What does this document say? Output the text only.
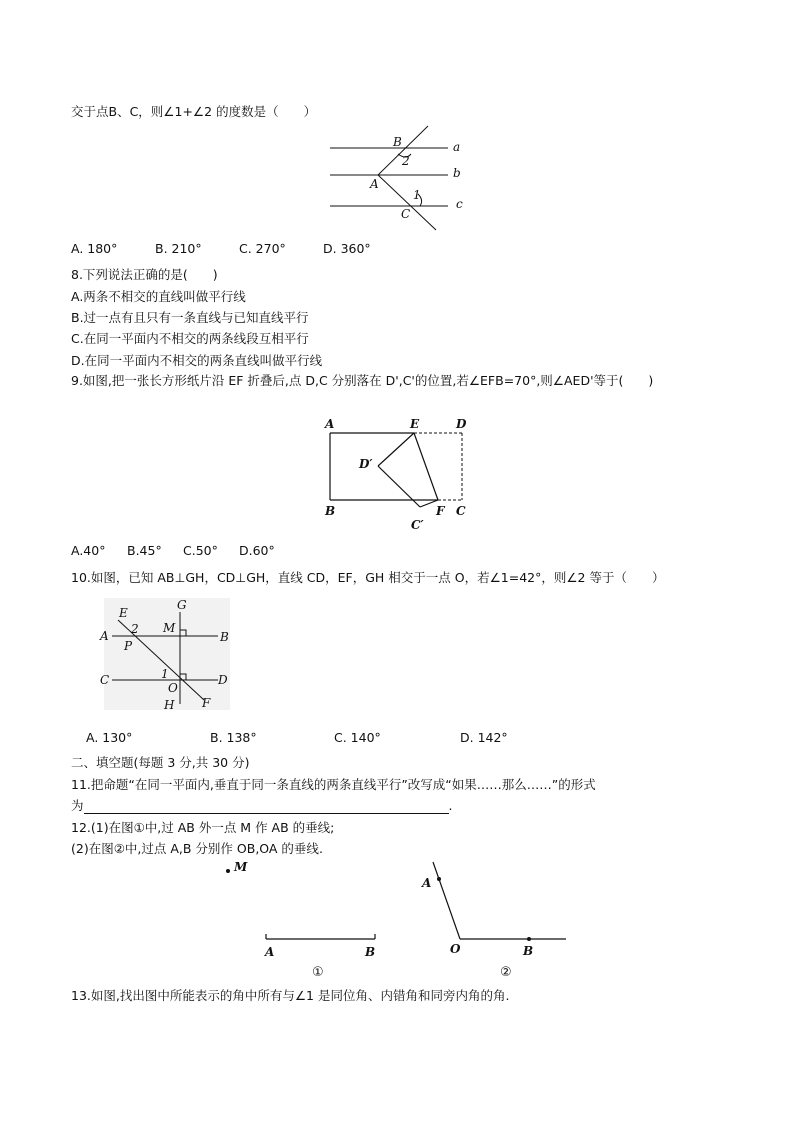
交于点B、C，则∠1+∠2 的度数是（　　）
B	a
2
b
A
1
C
c
A. 180°	B. 210°	C. 270°	D. 360°
8.下列说法正确的是(　　)
A.两条不相交的直线叫做平行线
B.过一点有且只有一条直线与已知直线平行
C.在同一平面内不相交的两条线段互相平行
D.在同一平面内不相交的两条直线叫做平行线
9.如图,把一张长方形纸片沿 EF 折叠后,点 D,C 分别落在 D',C'的位置,若∠EFB=70°,则∠AED'等于(　　)
A	E	D
D′
B
C′
F C
A.40° B.45° C.50° D.60°
10.如图，已知 AB⊥GH，CD⊥GH，直线 CD，EF，GH 相交于一点 O，若∠1=42°，则∠2 等于（　　）
E
G
A 2 M
B
P
C	1
O
D
H F
A. 130°	B. 138°	C. 140°	D. 142°
二、填空题(每题 3 分,共 30 分)
11.把命题“在同一平面内,垂直于同一条直线的两条直线平行”改写成“如果……那么……”的形式
为	.
12.(1)在图①中,过 AB 外一点 M 作 AB 的垂线;
(2)在图②中,过点 A,B 分别作 OB,OA 的垂线.
M
A	B
①
A
O	B
②
13.如图,找出图中所能表示的角中所有与∠1 是同位角、内错角和同旁内角的角.
